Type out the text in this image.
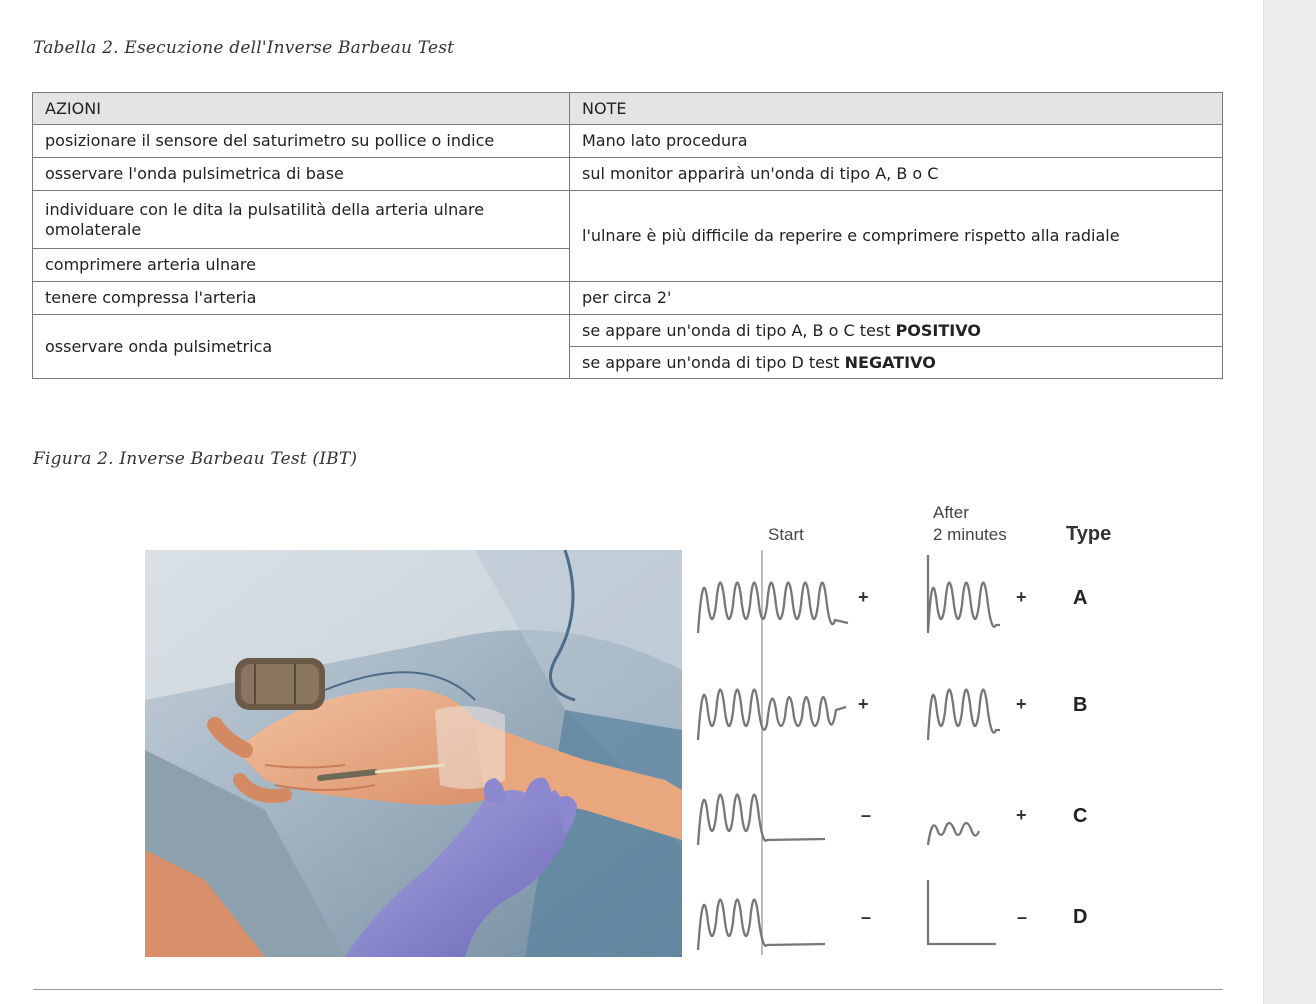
Tabella 2. Esecuzione dell'Inverse Barbeau Test
AZIONI	NOTE
posizionare il sensore del saturimetro su pollice o indice	Mano lato procedura
osservare l'onda pulsimetrica di base	sul monitor apparirà un'onda di tipo A, B o C
individuare con le dita la pulsatilità della arteria ulnare omolaterale	l'ulnare è più difficile da reperire e comprimere rispetto alla radiale
comprimere arteria ulnare	
tenere compressa l'arteria	per circa 2'
osservare onda pulsimetrica	se appare un'onda di tipo A, B o C test POSITIVO
	se appare un'onda di tipo D test NEGATIVO
Figura 2. Inverse Barbeau Test (IBT)
Start
After
2 minutes	Type
+	+ A
+	+ B
–	+ C
–	– D
